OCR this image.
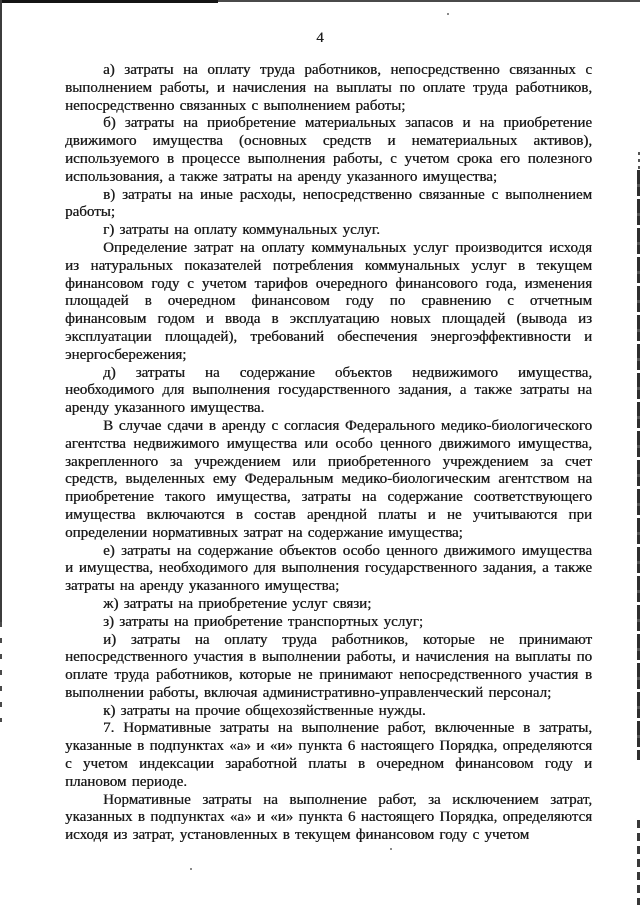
4

а) затраты на оплату труда работников, непосредственно связанных с выполнением работы, и начисления на выплаты по оплате труда работников, непосредственно связанных с выполнением работы;

б) затраты на приобретение материальных запасов и на приобретение движимого имущества (основных средств и нематериальных активов), используемого в процессе выполнения работы, с учетом срока его полезного использования, а также затраты на аренду указанного имущества;

в) затраты на иные расходы, непосредственно связанные с выполнением работы;

г) затраты на оплату коммунальных услуг.

Определение затрат на оплату коммунальных услуг производится исходя из натуральных показателей потребления коммунальных услуг в текущем финансовом году с учетом тарифов очередного финансового года, изменения площадей в очередном финансовом году по сравнению с отчетным финансовым годом и ввода в эксплуатацию новых площадей (вывода из эксплуатации площадей), требований обеспечения энергоэффективности и энергосбережения;

д) затраты на содержание объектов недвижимого имущества, необходимого для выполнения государственного задания, а также затраты на аренду указанного имущества.

В случае сдачи в аренду с согласия Федерального медико-биологического агентства недвижимого имущества или особо ценного движимого имущества, закрепленного за учреждением или приобретенного учреждением за счет средств, выделенных ему Федеральным медико-биологическим агентством на приобретение такого имущества, затраты на содержание соответствующего имущества включаются в состав арендной платы и не учитываются при определении нормативных затрат на содержание имущества;

е) затраты на содержание объектов особо ценного движимого имущества и имущества, необходимого для выполнения государственного задания, а также затраты на аренду указанного имущества;

ж) затраты на приобретение услуг связи;

з) затраты на приобретение транспортных услуг;

и) затраты на оплату труда работников, которые не принимают непосредственного участия в выполнении работы, и начисления на выплаты по оплате труда работников, которые не принимают непосредственного участия в выполнении работы, включая административно-управленческий персонал;

к) затраты на прочие общехозяйственные нужды.

7. Нормативные затраты на выполнение работ, включенные в затраты, указанные в подпунктах «а» и «и» пункта 6 настоящего Порядка, определяются с учетом индексации заработной платы в очередном финансовом году и плановом периоде.

Нормативные затраты на выполнение работ, за исключением затрат, указанных в подпунктах «а» и «и» пункта 6 настоящего Порядка, определяются исходя из затрат, установленных в текущем финансовом году с учетом
